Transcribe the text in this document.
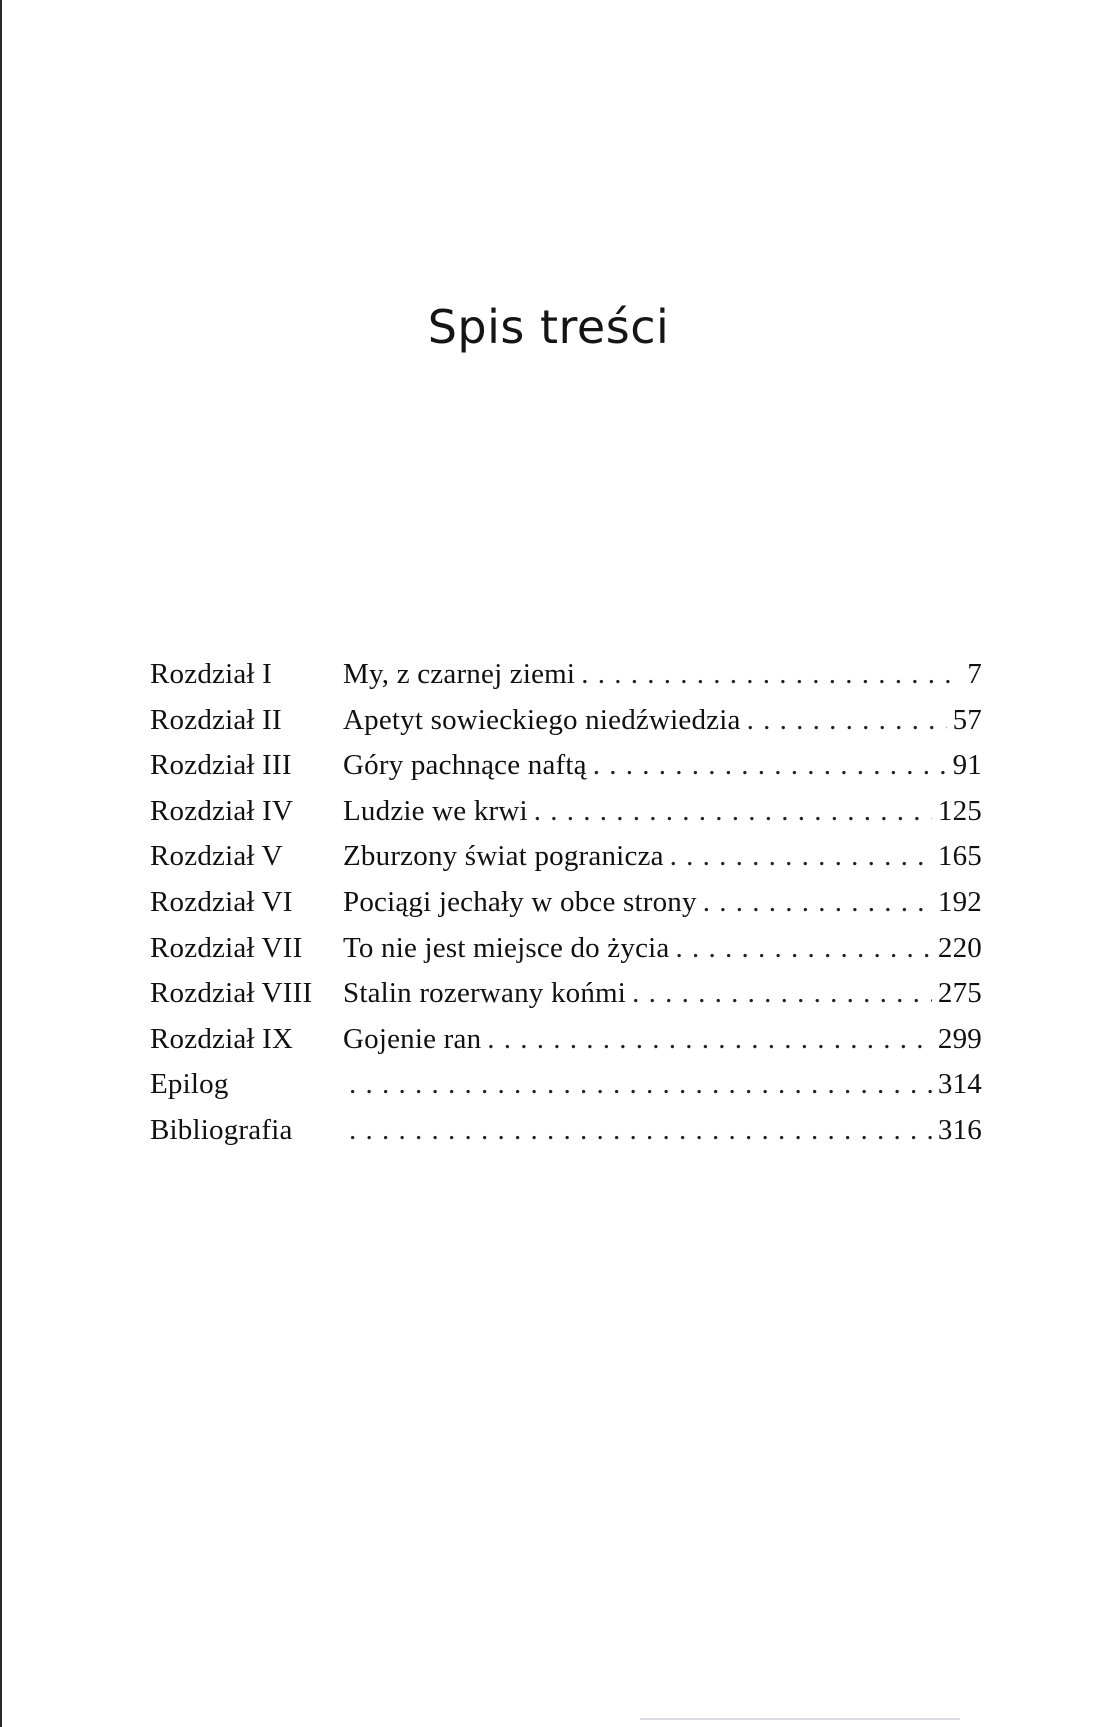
Spis treści
Rozdział I	My, z czarnej ziemi . . .	7
Rozdział II	Apetyt sowieckiego niedźwiedzia . . .	57
Rozdział III	Góry pachnące naftą . . .	91
Rozdział IV	Ludzie we krwi . . .	125
Rozdział V	Zburzony świat pogranicza . . .	165
Rozdział VI	Pociągi jechały w obce strony . . .	192
Rozdział VII	To nie jest miejsce do życia . . .	220
Rozdział VIII	Stalin rozerwany końmi . . .	275
Rozdział IX	Gojenie ran . . .	299
Epilog . . .	314
Bibliografia . . .	316
